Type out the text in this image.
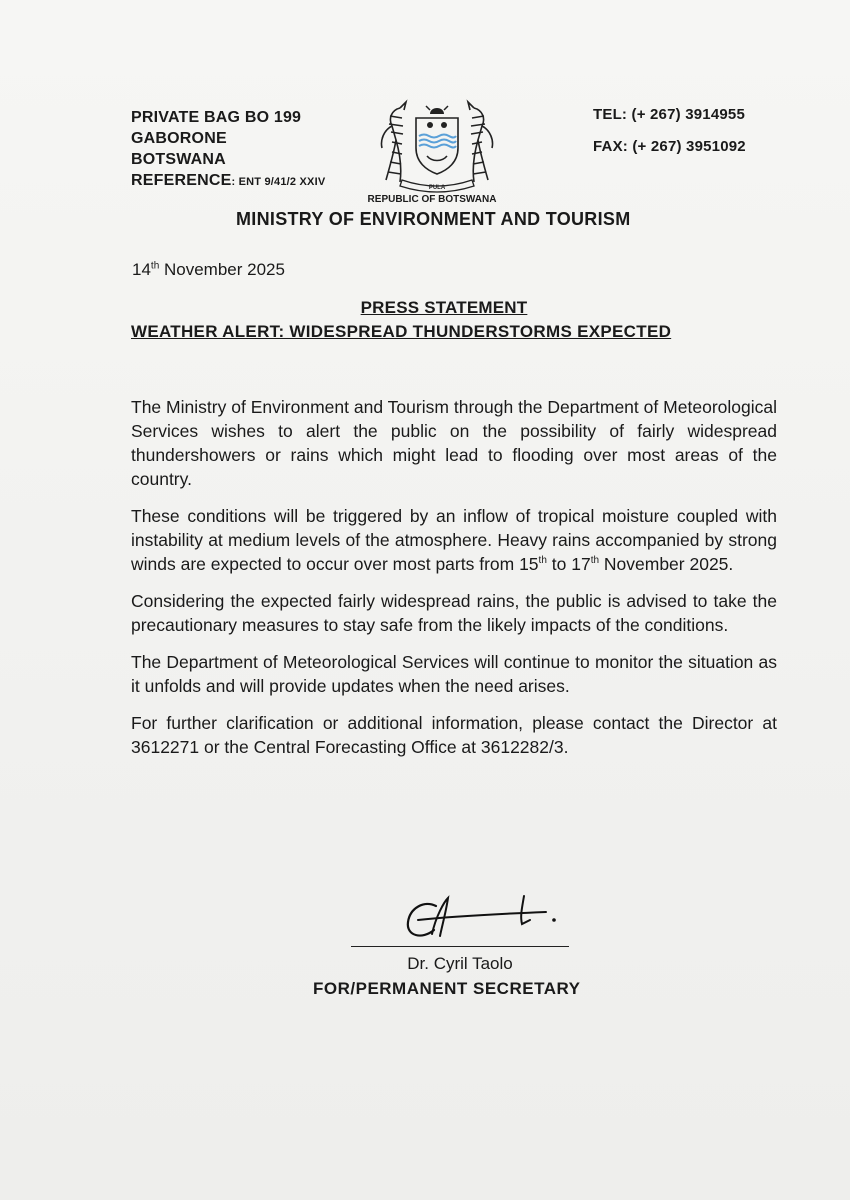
PRIVATE BAG BO 199
GABORONE
BOTSWANA
REFERENCE: ENT 9/41/2 XXIV
TEL: (+ 267) 3914955
FAX: (+ 267) 3951092
PULA
REPUBLIC OF BOTSWANA
MINISTRY OF ENVIRONMENT AND TOURISM
14th November 2025
PRESS STATEMENT
WEATHER ALERT: WIDESPREAD THUNDERSTORMS EXPECTED

The Ministry of Environment and Tourism through the Department of Meteorological Services wishes to alert the public on the possibility of fairly widespread thundershowers or rains which might lead to flooding over most areas of the country.

These conditions will be triggered by an inflow of tropical moisture coupled with instability at medium levels of the atmosphere. Heavy rains accompanied by strong winds are expected to occur over most parts from 15th to 17th November 2025.

Considering the expected fairly widespread rains, the public is advised to take the precautionary measures to stay safe from the likely impacts of the conditions.

The Department of Meteorological Services will continue to monitor the situation as it unfolds and will provide updates when the need arises.

For further clarification or additional information, please contact the Director at 3612271 or the Central Forecasting Office at 3612282/3.

Dr. Cyril Taolo
FOR/PERMANENT SECRETARY
